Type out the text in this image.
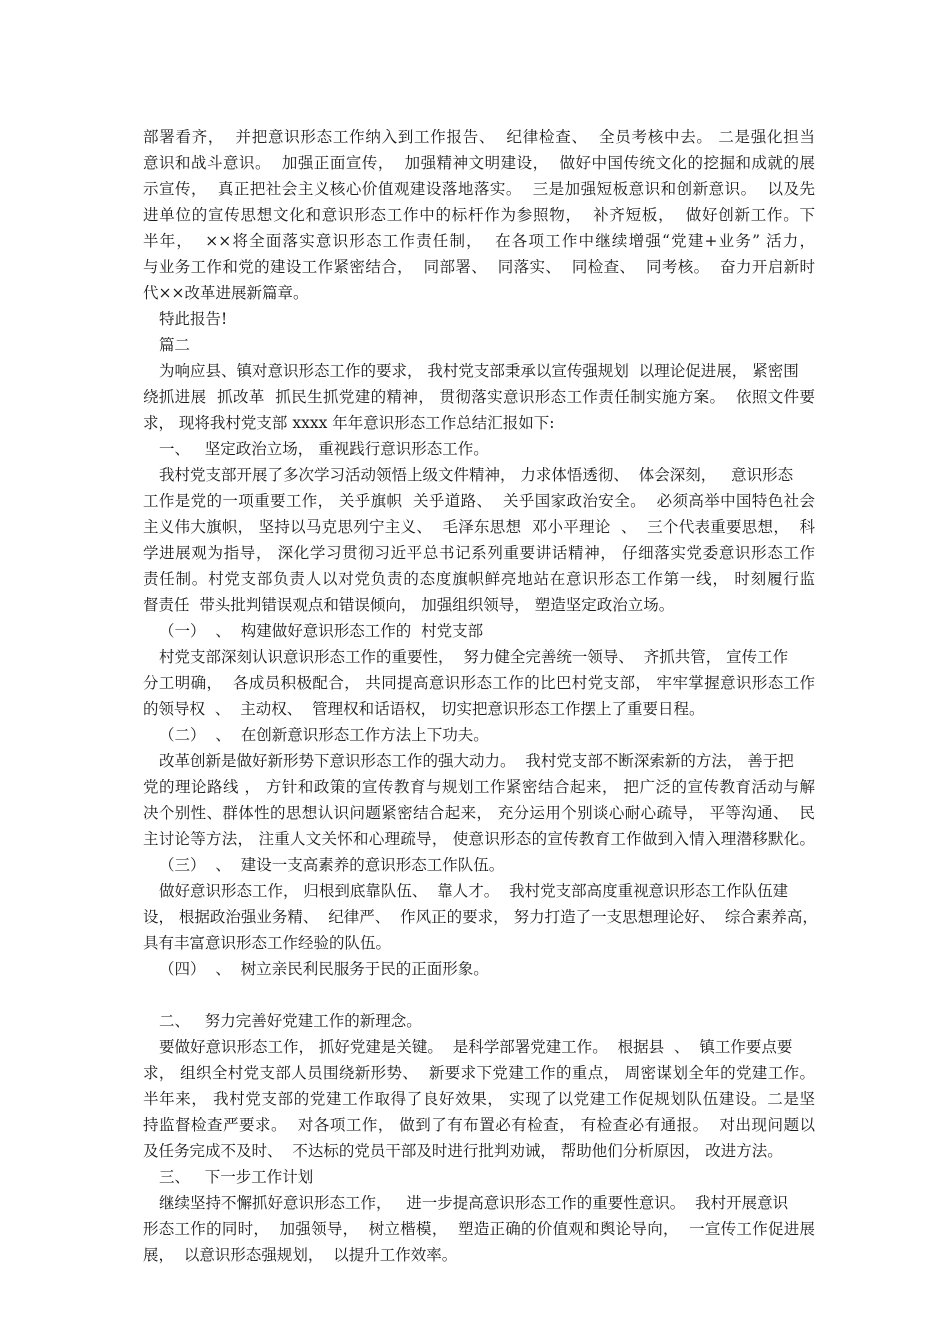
部署看齐，  并把意识形态工作纳入到工作报告、  纪律检查、  全员考核中去。 二是强化担当
意识和战斗意识。  加强正面宣传，  加强精神文明建设，  做好中国传统文化的挖掘和成就的展
示宣传，  真正把社会主义核心价值观建设落地落实。  三是加强短板意识和创新意识。  以及先
进单位的宣传思想文化和意识形态工作中的标杆作为参照物，  补齐短板，  做好创新工作。下
半年，  ××将全面落实意识形态工作责任制，  在各项工作中继续增强“党建+业务” 活力，
与业务工作和党的建设工作紧密结合，  同部署、  同落实、  同检查、  同考核。  奋力开启新时
代××改革进展新篇章。
特此报告!
篇二
为响应县、镇对意识形态工作的要求， 我村党支部秉承以宣传强规划  以理论促进展， 紧密围
绕抓进展  抓改革  抓民生抓党建的精神， 贯彻落实意识形态工作责任制实施方案。  依照文件要
求， 现将我村党支部 xxxx 年年意识形态工作总结汇报如下:
一、   坚定政治立场， 重视践行意识形态工作。
我村党支部开展了多次学习活动领悟上级文件精神， 力求体悟透彻、  体会深刻，   意识形态
工作是党的一项重要工作， 关乎旗帜  关乎道路、  关乎国家政治安全。  必须高举中国特色社会
主义伟大旗帜， 坚持以马克思列宁主义、  毛泽东思想  邓小平理论  、  三个代表重要思想，  科
学进展观为指导， 深化学习贯彻习近平总书记系列重要讲话精神， 仔细落实党委意识形态工作
责任制。村党支部负责人以对党负责的态度旗帜鲜亮地站在意识形态工作第一线， 时刻履行监
督责任  带头批判错误观点和错误倾向， 加强组织领导， 塑造坚定政治立场。
（一）  、  构建做好意识形态工作的  村党支部
村党支部深刻认识意识形态工作的重要性，  努力健全完善统一领导、  齐抓共管， 宣传工作
分工明确，  各成员积极配合， 共同提高意识形态工作的比巴村党支部， 牢牢掌握意识形态工作
的领导权  、  主动权、  管理权和话语权， 切实把意识形态工作摆上了重要日程。
（二）  、  在创新意识形态工作方法上下功夫。
改革创新是做好新形势下意识形态工作的强大动力。  我村党支部不断深索新的方法， 善于把
党的理论路线 ， 方针和政策的宣传教育与规划工作紧密结合起来， 把广泛的宣传教育活动与解
决个别性、群体性的思想认识问题紧密结合起来， 充分运用个别谈心耐心疏导， 平等沟通、  民
主讨论等方法， 注重人文关怀和心理疏导， 使意识形态的宣传教育工作做到入情入理潜移默化。
（三）  、  建设一支高素养的意识形态工作队伍。
做好意识形态工作， 归根到底靠队伍、  靠人才。  我村党支部高度重视意识形态工作队伍建
设， 根据政治强业务精、  纪律严、  作风正的要求， 努力打造了一支思想理论好、  综合素养高，
具有丰富意识形态工作经验的队伍。
（四）  、  树立亲民利民服务于民的正面形象。
二、   努力完善好党建工作的新理念。
要做好意识形态工作， 抓好党建是关键。  是科学部署党建工作。  根据县  、  镇工作要点要
求， 组织全村党支部人员围绕新形势、  新要求下党建工作的重点， 周密谋划全年的党建工作。
半年来， 我村党支部的党建工作取得了良好效果， 实现了以党建工作促规划队伍建设。二是坚
持监督检查严要求。  对各项工作， 做到了有布置必有检查， 有检查必有通报。  对出现问题以
及任务完成不及时、  不达标的党员干部及时进行批判劝诫， 帮助他们分析原因， 改进方法。
三、   下一步工作计划
继续坚持不懈抓好意识形态工作，   进一步提高意识形态工作的重要性意识。  我村开展意识
形态工作的同时，  加强领导，  树立楷模，  塑造正确的价值观和舆论导向，  一宣传工作促进展
展，  以意识形态强规划，  以提升工作效率。
